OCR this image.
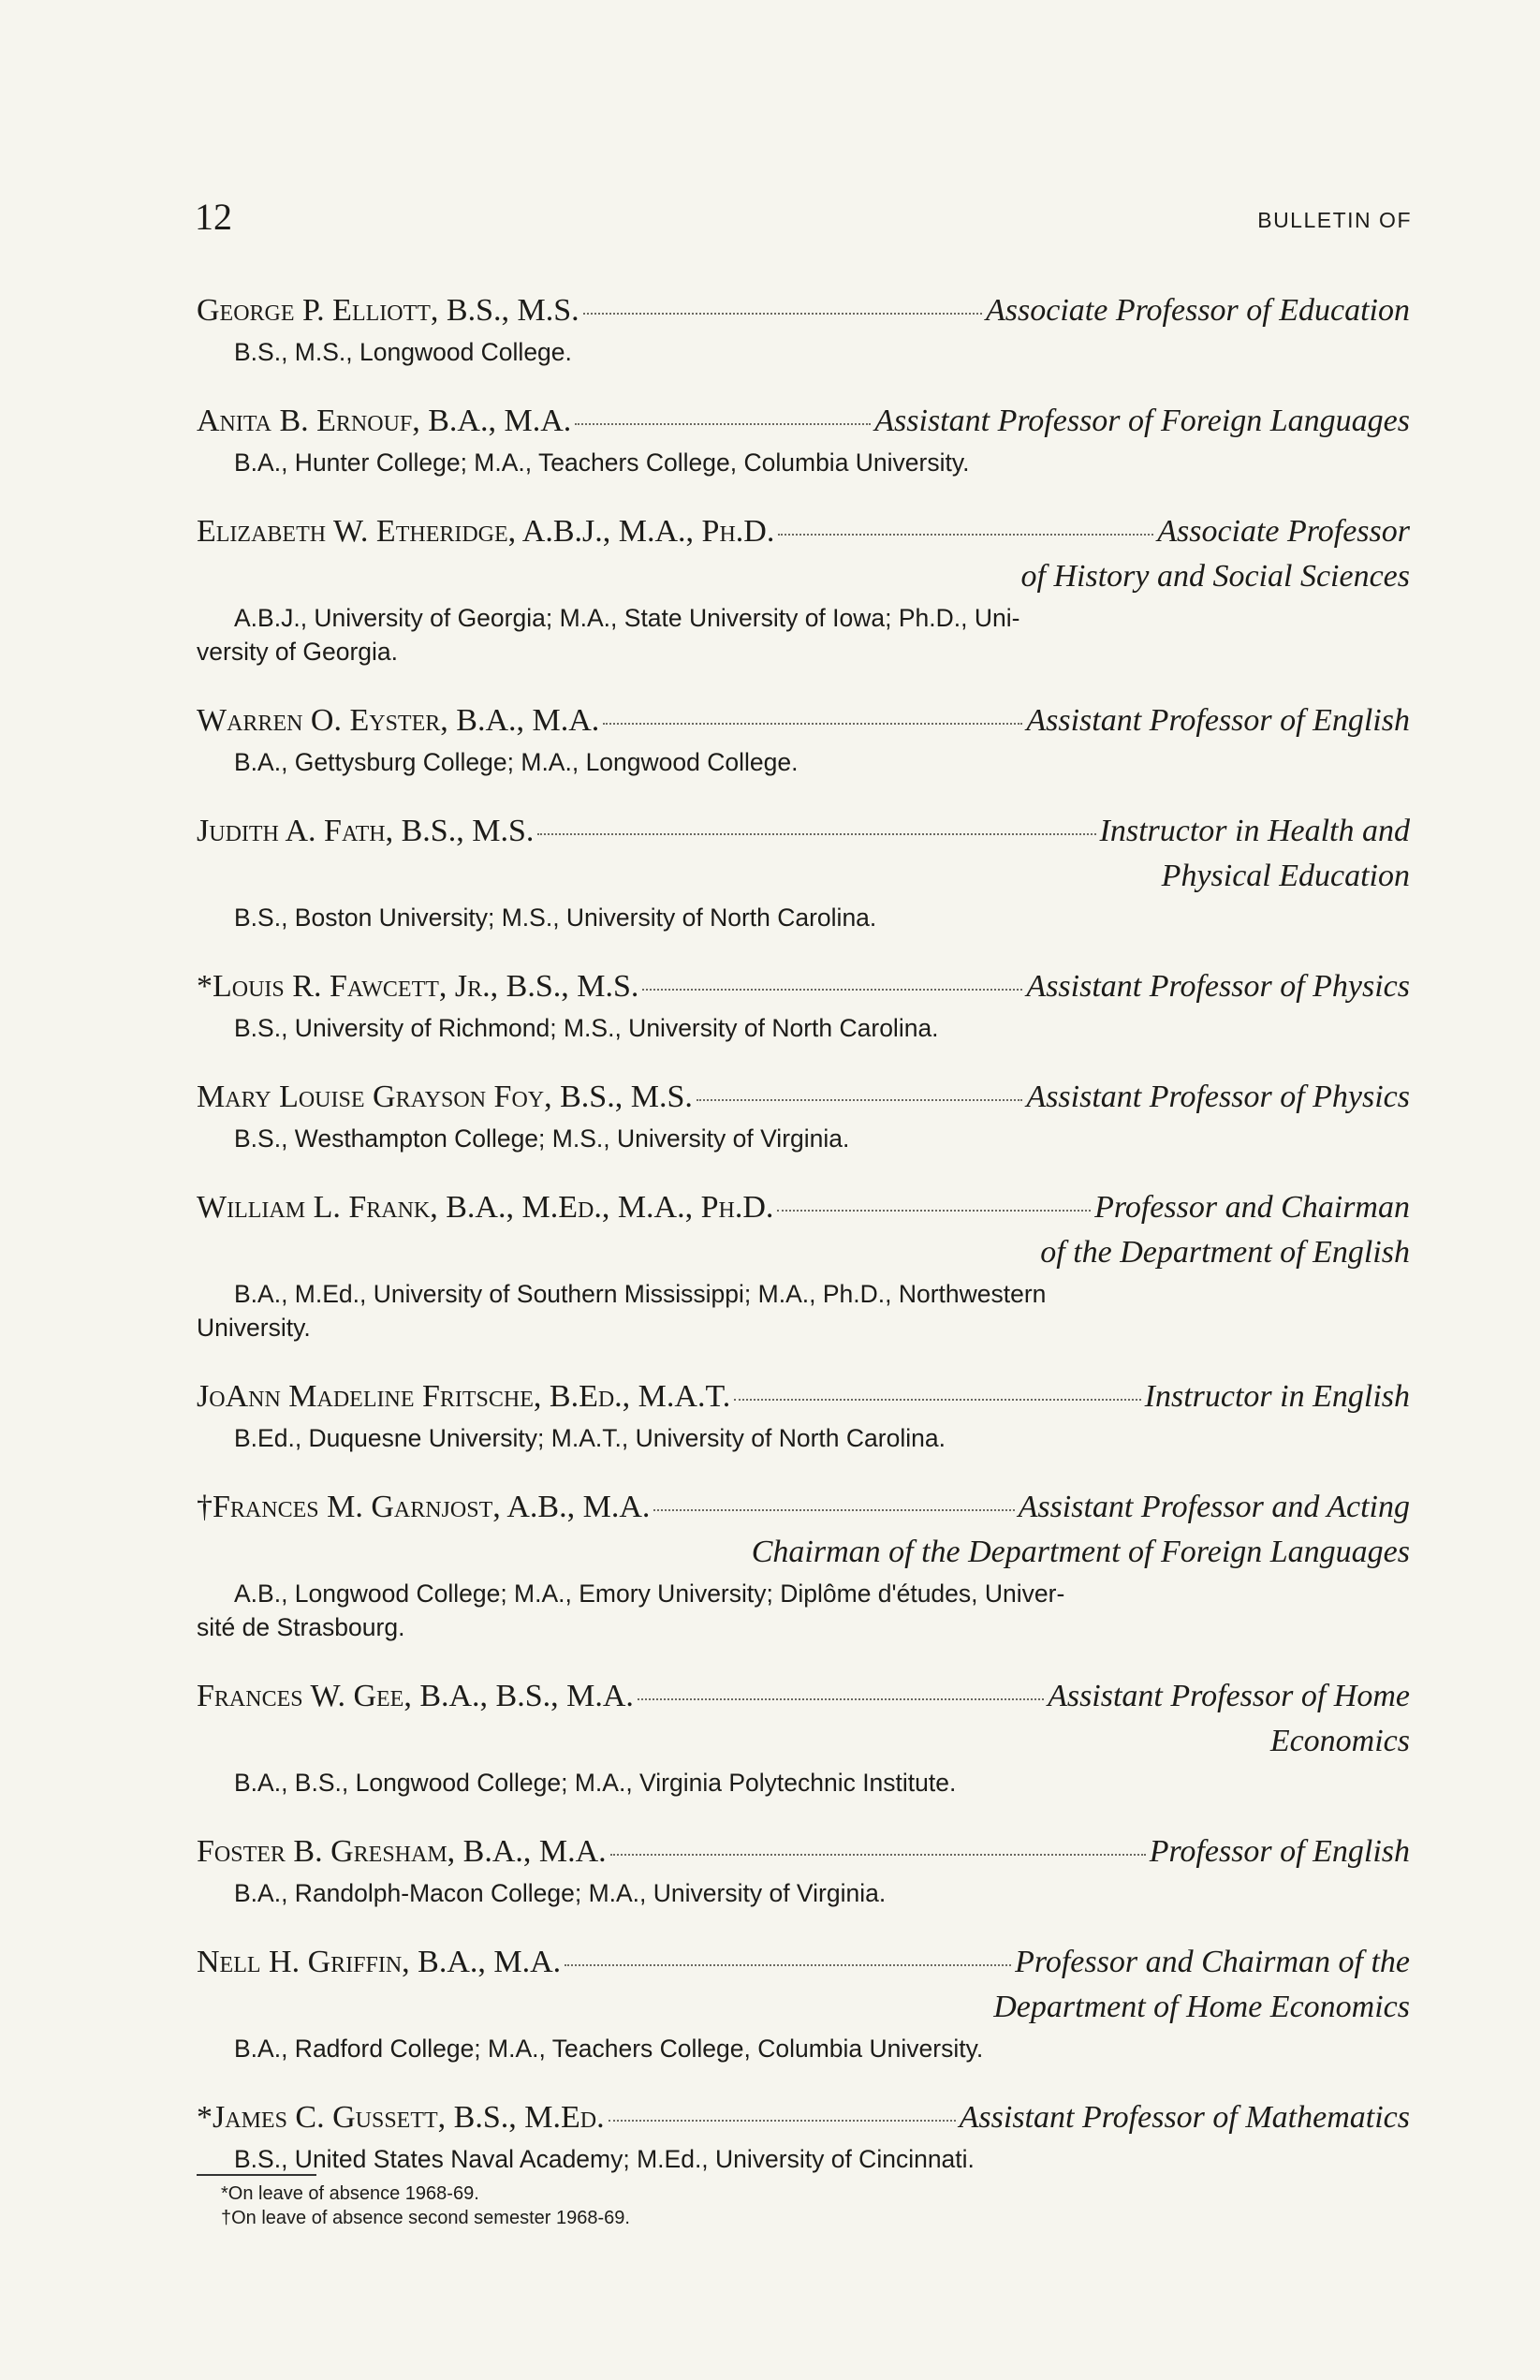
12	BULLETIN OF
George P. Elliott, B.S., M.S.	Associate Professor of Education
B.S., M.S., Longwood College.
Anita B. Ernouf, B.A., M.A.	Assistant Professor of Foreign Languages
B.A., Hunter College; M.A., Teachers College, Columbia University.
Elizabeth W. Etheridge, A.B.J., M.A., Ph.D.	Associate Professor
of History and Social Sciences
A.B.J., University of Georgia; M.A., State University of Iowa; Ph.D., Uni-
versity of Georgia.
Warren O. Eyster, B.A., M.A.	Assistant Professor of English
B.A., Gettysburg College; M.A., Longwood College.
Judith A. Fath, B.S., M.S.	Instructor in Health and
Physical Education
B.S., Boston University; M.S., University of North Carolina.
*Louis R. Fawcett, Jr., B.S., M.S.	Assistant Professor of Physics
B.S., University of Richmond; M.S., University of North Carolina.
Mary Louise Grayson Foy, B.S., M.S.	Assistant Professor of Physics
B.S., Westhampton College; M.S., University of Virginia.
William L. Frank, B.A., M.Ed., M.A., Ph.D.	Professor and Chairman
of the Department of English
B.A., M.Ed., University of Southern Mississippi; M.A., Ph.D., Northwestern
University.
JoAnn Madeline Fritsche, B.Ed., M.A.T.	Instructor in English
B.Ed., Duquesne University; M.A.T., University of North Carolina.
†Frances M. Garnjost, A.B., M.A.	Assistant Professor and Acting
Chairman of the Department of Foreign Languages
A.B., Longwood College; M.A., Emory University; Diplôme d'études, Univer-
sité de Strasbourg.
Frances W. Gee, B.A., B.S., M.A.	Assistant Professor of Home
Economics
B.A., B.S., Longwood College; M.A., Virginia Polytechnic Institute.
Foster B. Gresham, B.A., M.A.	Professor of English
B.A., Randolph-Macon College; M.A., University of Virginia.
Nell H. Griffin, B.A., M.A.	Professor and Chairman of the
Department of Home Economics
B.A., Radford College; M.A., Teachers College, Columbia University.
*James C. Gussett, B.S., M.Ed.	Assistant Professor of Mathematics
B.S., United States Naval Academy; M.Ed., University of Cincinnati.
*On leave of absence 1968-69.
†On leave of absence second semester 1968-69.
